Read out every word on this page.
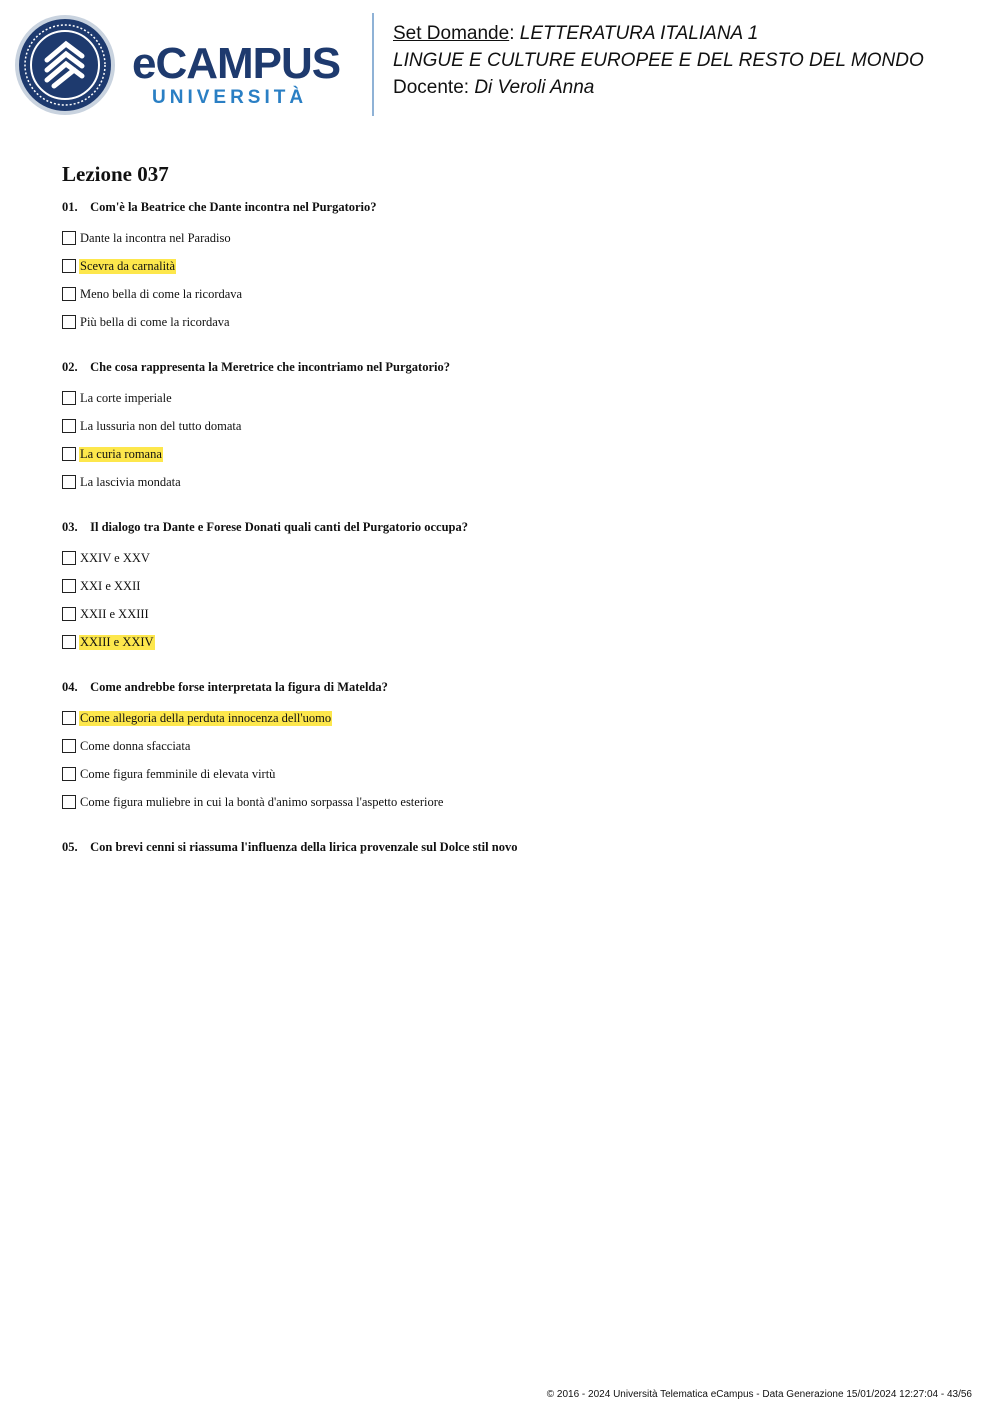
eCAMPUS
UNIVERSITÀ
Set Domande: LETTERATURA ITALIANA 1
LINGUE E CULTURE EUROPEE E DEL RESTO DEL MONDO
Docente: Di Veroli Anna
Lezione 037
01. Com'è la Beatrice che Dante incontra nel Purgatorio?
Dante la incontra nel Paradiso
Scevra da carnalità
Meno bella di come la ricordava
Più bella di come la ricordava
02. Che cosa rappresenta la Meretrice che incontriamo nel Purgatorio?
La corte imperiale
La lussuria non del tutto domata
La curia romana
La lascivia mondata
03. Il dialogo tra Dante e Forese Donati quali canti del Purgatorio occupa?
XXIV e XXV
XXI e XXII
XXII e XXIII
XXIII e XXIV
04. Come andrebbe forse interpretata la figura di Matelda?
Come allegoria della perduta innocenza dell'uomo
Come donna sfacciata
Come figura femminile di elevata virtù
Come figura muliebre in cui la bontà d'animo sorpassa l'aspetto esteriore
05. Con brevi cenni si riassuma l'influenza della lirica provenzale sul Dolce stil novo
© 2016 - 2024 Università Telematica eCampus - Data Generazione 15/01/2024 12:27:04 - 43/56
